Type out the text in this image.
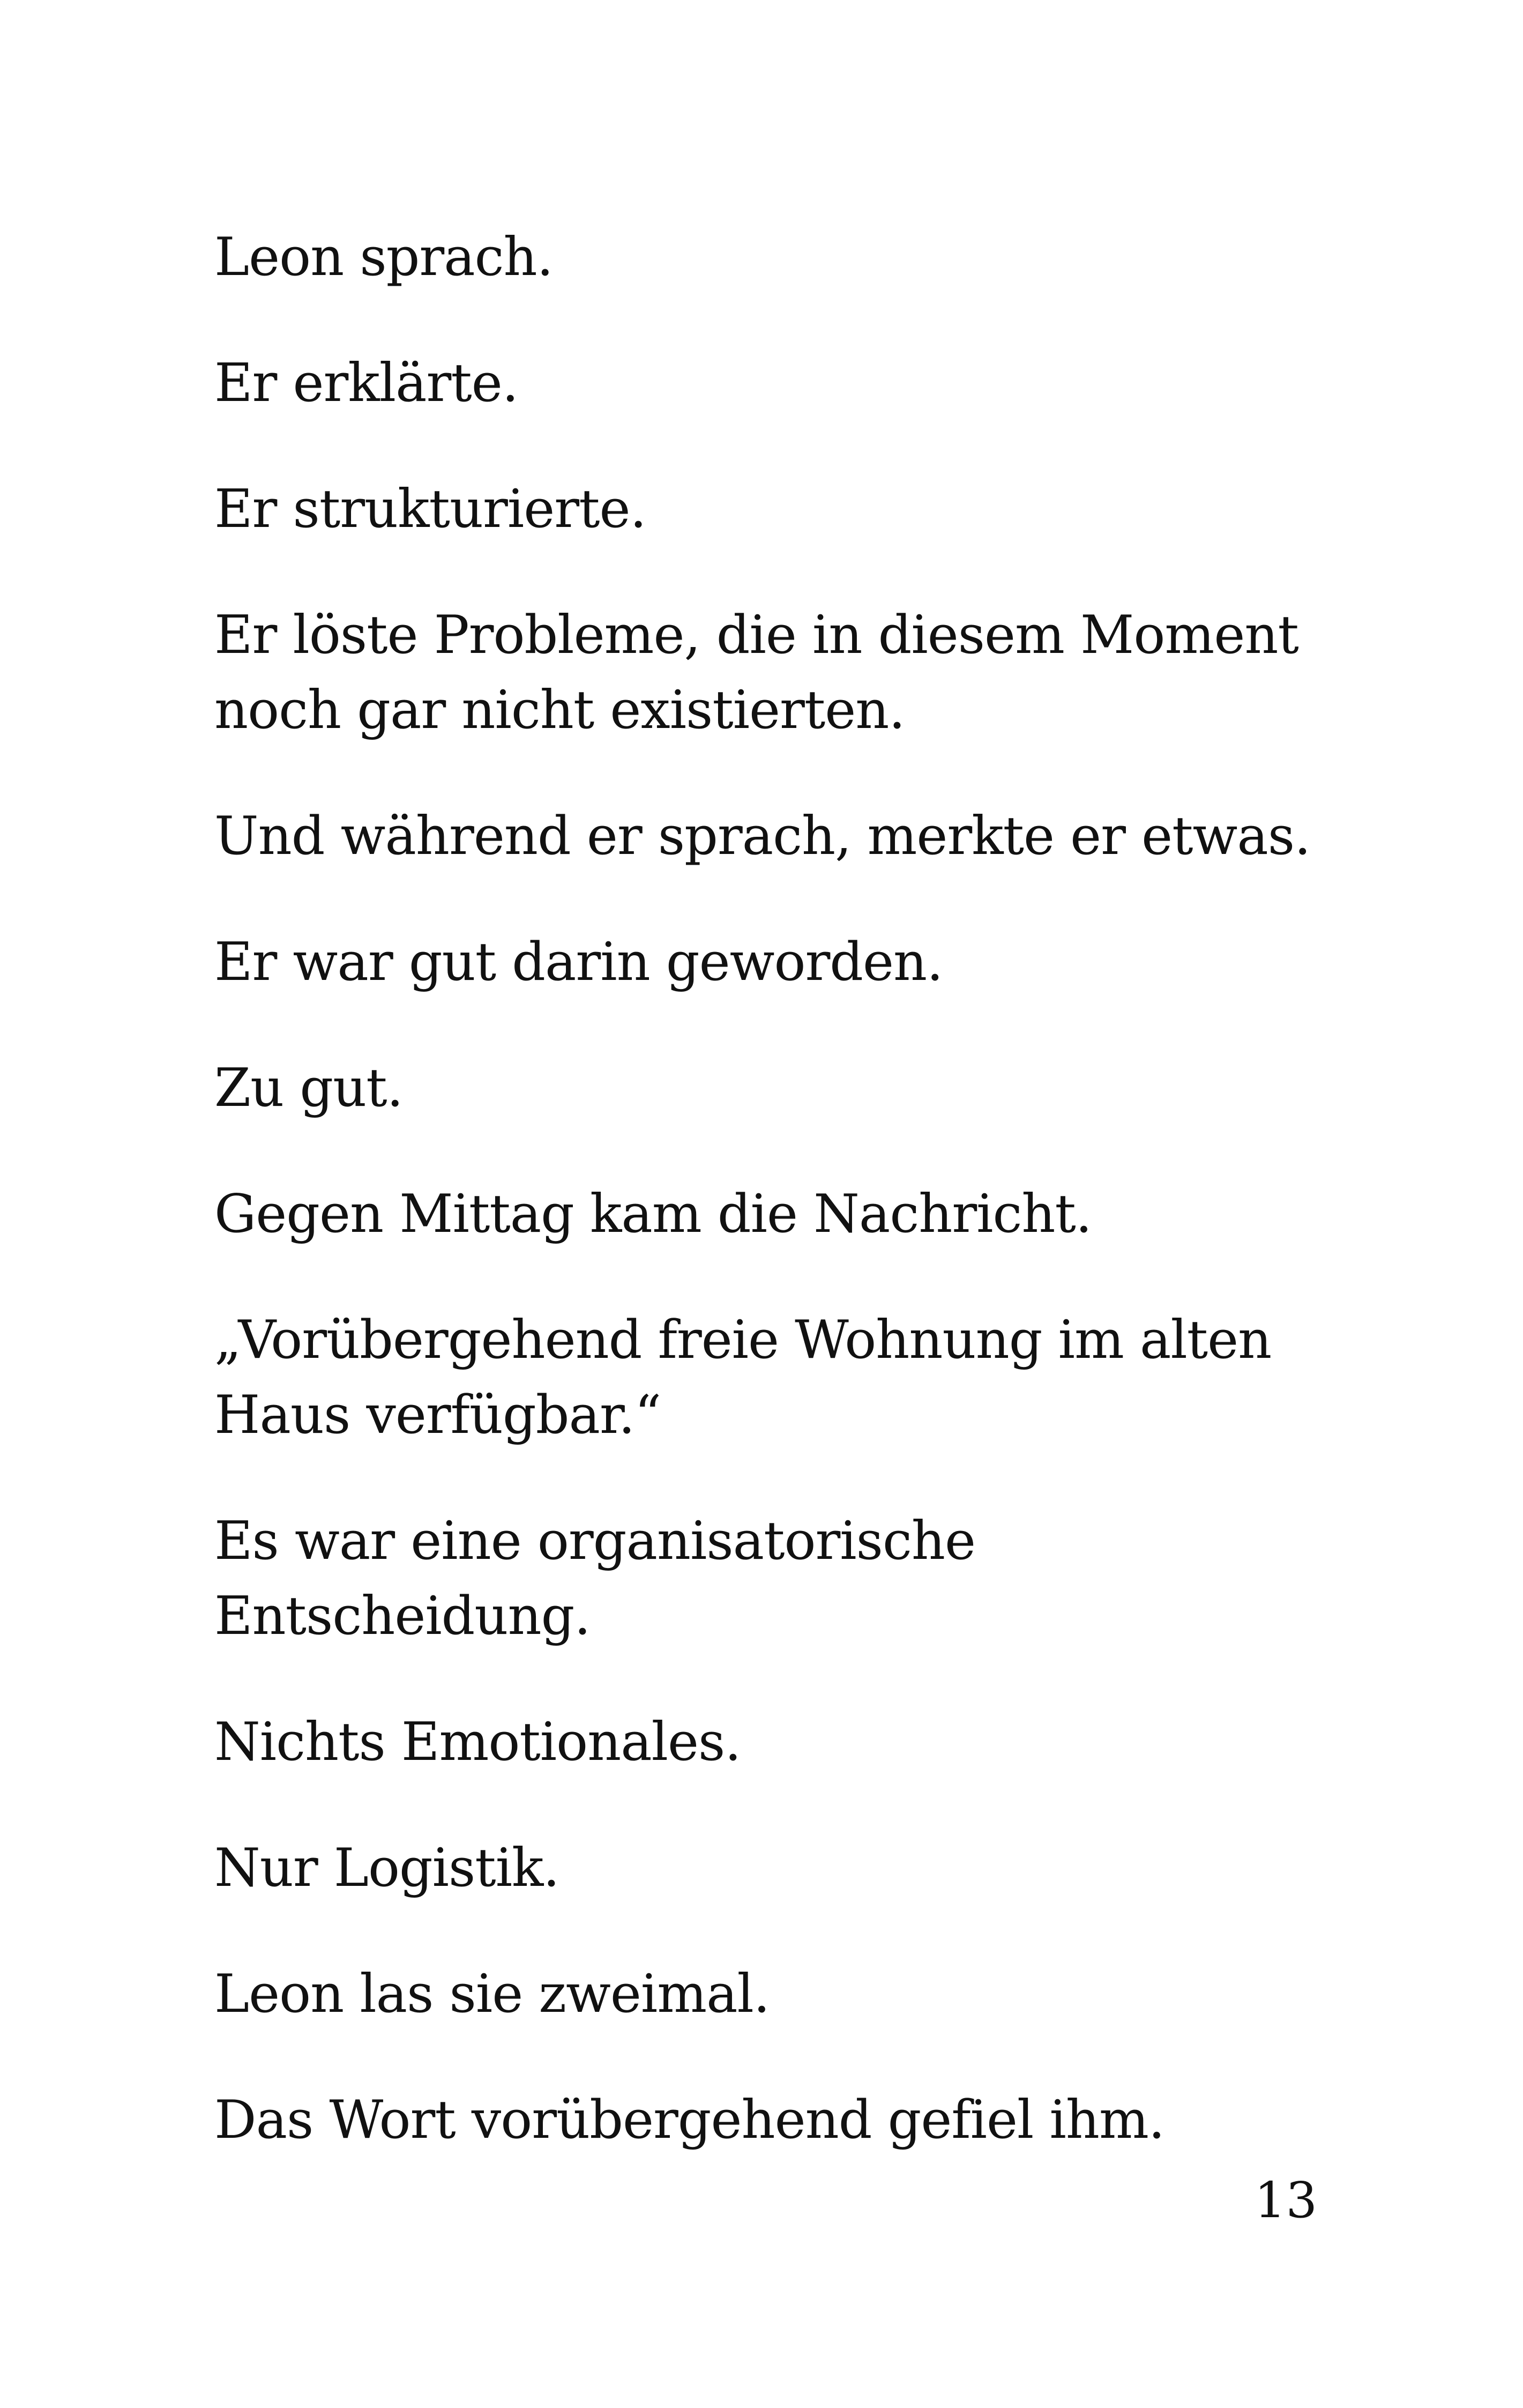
Leon sprach.

Er erklärte.

Er strukturierte.

Er löste Probleme, die in diesem Moment noch gar nicht existierten.

Und während er sprach, merkte er etwas.

Er war gut darin geworden.

Zu gut.

Gegen Mittag kam die Nachricht.

„Vorübergehend freie Wohnung im alten Haus verfügbar.“

Es war eine organisatorische Entscheidung.

Nichts Emotionales.

Nur Logistik.

Leon las sie zweimal.

Das Wort vorübergehend gefiel ihm.

13
